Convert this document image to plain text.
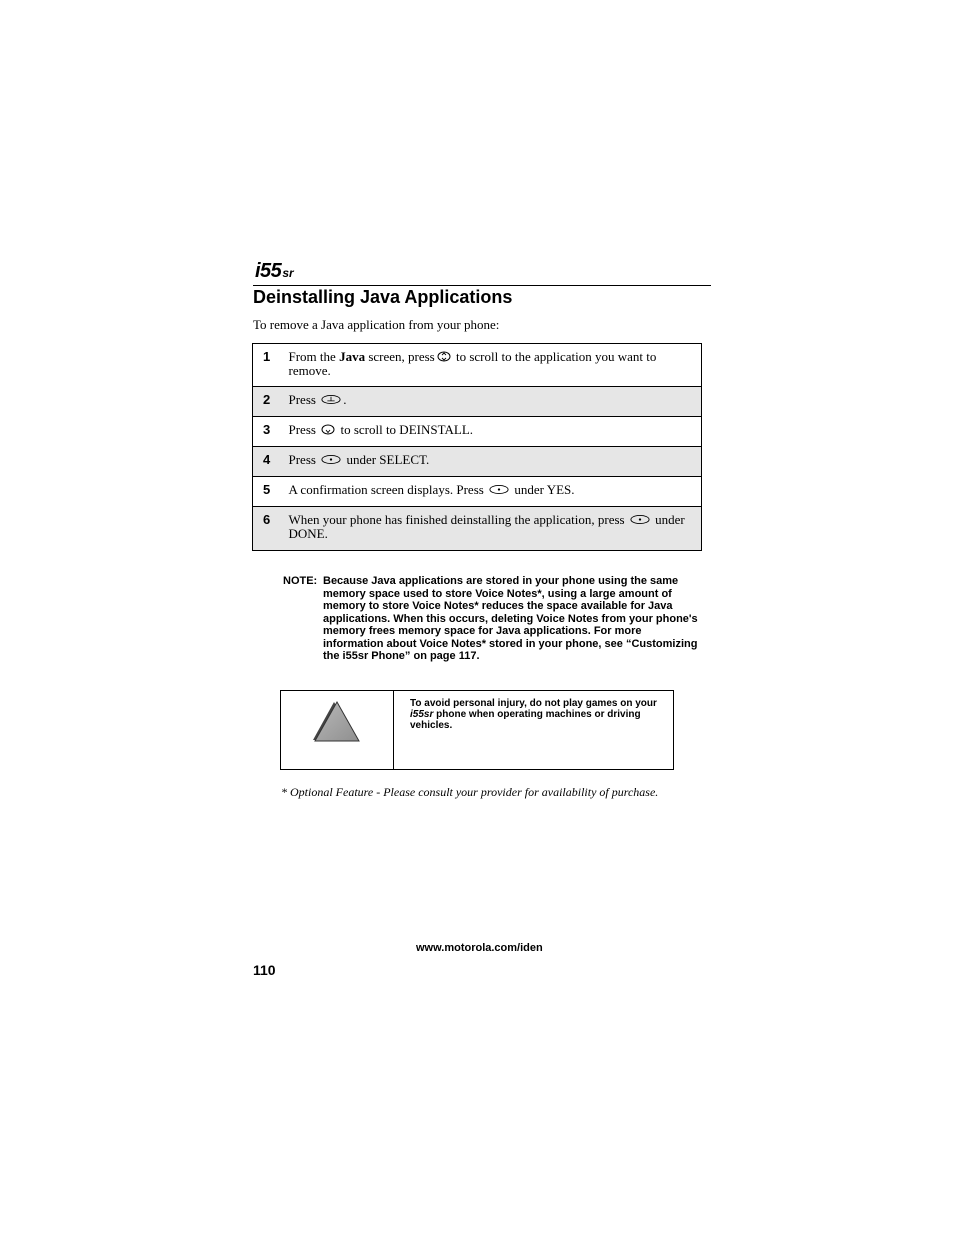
i55sr
Deinstalling Java Applications
To remove a Java application from your phone:
1	From the Java screen, press to scroll to the application you want to remove.
2	Press .
3	Press to scroll to DEINSTALL.
4	Press under SELECT.
5	A confirmation screen displays. Press under YES.
6	When your phone has finished deinstalling the application, press under DONE.
NOTE: Because Java applications are stored in your phone using the same memory space used to store Voice Notes*, using a large amount of memory to store Voice Notes* reduces the space available for Java applications. When this occurs, deleting Voice Notes from your phone's memory frees memory space for Java applications. For more information about Voice Notes* stored in your phone, see “Customizing the i55sr Phone” on page 117.
To avoid personal injury, do not play games on your i55sr phone when operating machines or driving vehicles.
* Optional Feature - Please consult your provider for availability of purchase.
www.motorola.com/iden
110
